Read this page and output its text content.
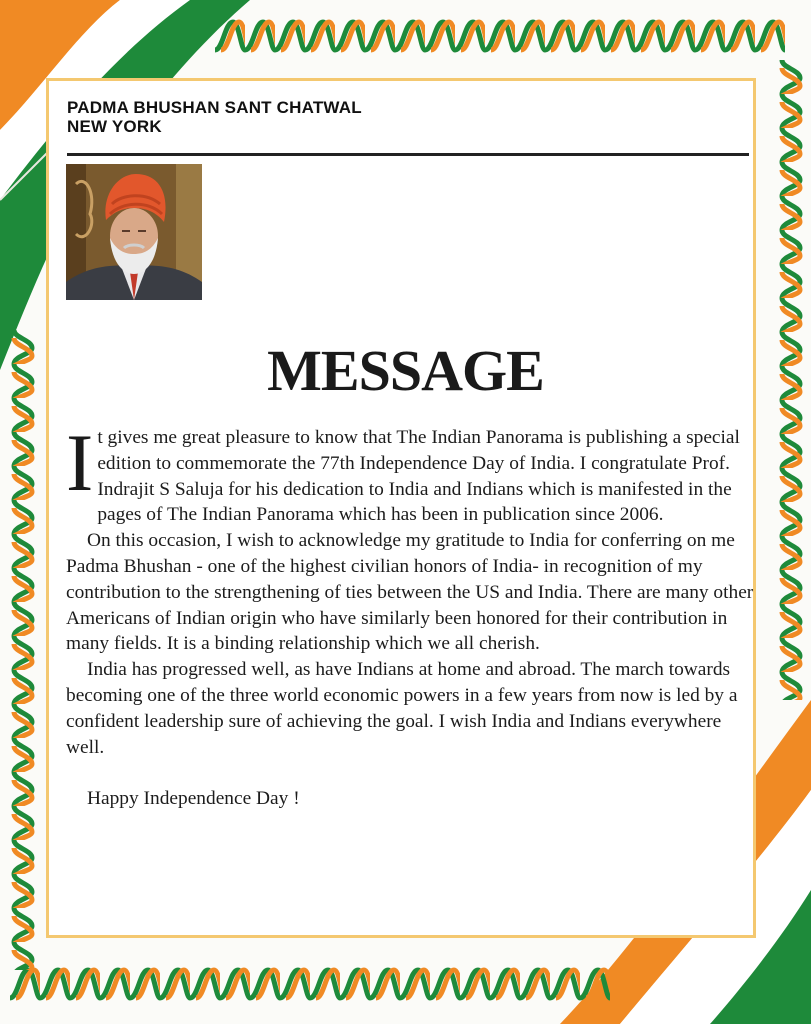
PADMA BHUSHAN SANT CHATWAL
NEW YORK
MESSAGE

It gives me great pleasure to know that The Indian Panorama is publishing a special edition to commemorate the 77th Independence Day of India. I congratulate Prof. Indrajit S Saluja for his dedication to India and Indians which is manifested in the pages of The Indian Panorama which has been in publication since 2006.

On this occasion, I wish to acknowledge my gratitude to India for conferring on me Padma Bhushan - one of the highest civilian honors of India- in recognition of my contribution to the strengthening of ties between the US and India. There are many other Americans of Indian origin who have similarly been honored for their contribution in many fields. It is a binding relationship which we all cherish.

India has progressed well, as have Indians at home and abroad. The march towards becoming one of the three world economic powers in a few years from now is led by a confident leadership sure of achieving the goal. I wish India and Indians everywhere well.

Happy Independence Day !
